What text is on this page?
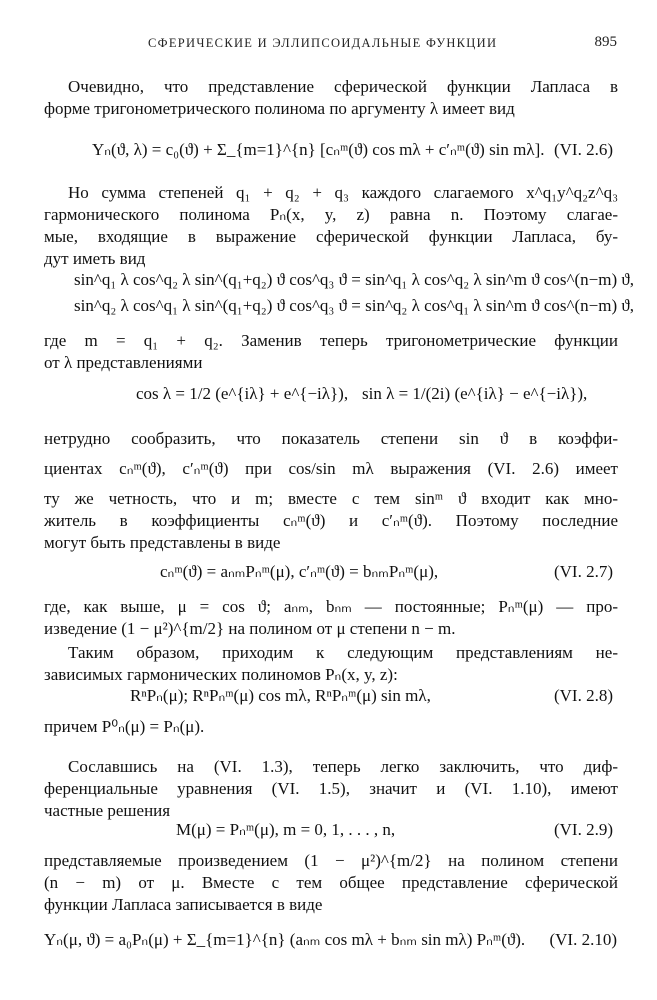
СФЕРИЧЕСКИЕ И ЭЛЛИПСОИДАЛЬНЫЕ ФУНКЦИИ	895
Очевидно, что представление сферической функции Лапласа в
форме тригонометрического полинома по аргументу λ имеет вид
Yₙ(ϑ, λ) = c₀(ϑ) + Σ_{m=1}^{n} [cₙᵐ(ϑ) cos mλ + c′ₙᵐ(ϑ) sin mλ]. (VI. 2.6)
Но сумма степеней q₁ + q₂ + q₃ каждого слагаемого x^q₁y^q₂z^q₃
гармонического полинома Pₙ(x, y, z) равна n. Поэтому слагае-
мые, входящие в выражение сферической функции Лапласа, бу-
дут иметь вид
sin^q₁ λ cos^q₂ λ sin^(q₁+q₂) ϑ cos^q₃ ϑ = sin^q₁ λ cos^q₂ λ sin^m ϑ cos^(n−m) ϑ,
sin^q₂ λ cos^q₁ λ sin^(q₁+q₂) ϑ cos^q₃ ϑ = sin^q₂ λ cos^q₁ λ sin^m ϑ cos^(n−m) ϑ,
где m = q₁ + q₂. Заменив теперь тригонометрические функции
от λ представлениями
cos λ = 1/2 (e^{iλ} + e^{−iλ}), sin λ = 1/(2i) (e^{iλ} − e^{−iλ}),
нетрудно сообразить, что показатель степени sin ϑ в коэффи-
циентах cₙᵐ(ϑ), c′ₙᵐ(ϑ) при cos/sin mλ выражения (VI. 2.6) имеет
ту же четность, что и m; вместе с тем sinᵐ ϑ входит как мно-
житель в коэффициенты cₙᵐ(ϑ) и c′ₙᵐ(ϑ). Поэтому последние
могут быть представлены в виде
cₙᵐ(ϑ) = aₙₘPₙᵐ(μ), c′ₙᵐ(ϑ) = bₙₘPₙᵐ(μ),	(VI. 2.7)
где, как выше, μ = cos ϑ; aₙₘ, bₙₘ — постоянные; Pₙᵐ(μ) — про-
изведение (1 − μ²)^{m/2} на полином от μ степени n − m.
Таким образом, приходим к следующим представлениям не-
зависимых гармонических полиномов Pₙ(x, y, z):
RⁿPₙ(μ); RⁿPₙᵐ(μ) cos mλ, RⁿPₙᵐ(μ) sin mλ,	(VI. 2.8)
причем P⁰ₙ(μ) = Pₙ(μ).
Сославшись на (VI. 1.3), теперь легко заключить, что диф-
ференциальные уравнения (VI. 1.5), значит и (VI. 1.10), имеют
частные решения
M(μ) = Pₙᵐ(μ), m = 0, 1, . . . , n,	(VI. 2.9)
представляемые произведением (1 − μ²)^{m/2} на полином степени
(n − m) от μ. Вместе с тем общее представление сферической
функции Лапласа записывается в виде
Yₙ(μ, ϑ) = a₀Pₙ(μ) + Σ_{m=1}^{n} (aₙₘ cos mλ + bₙₘ sin mλ) Pₙᵐ(ϑ). (VI. 2.10)
